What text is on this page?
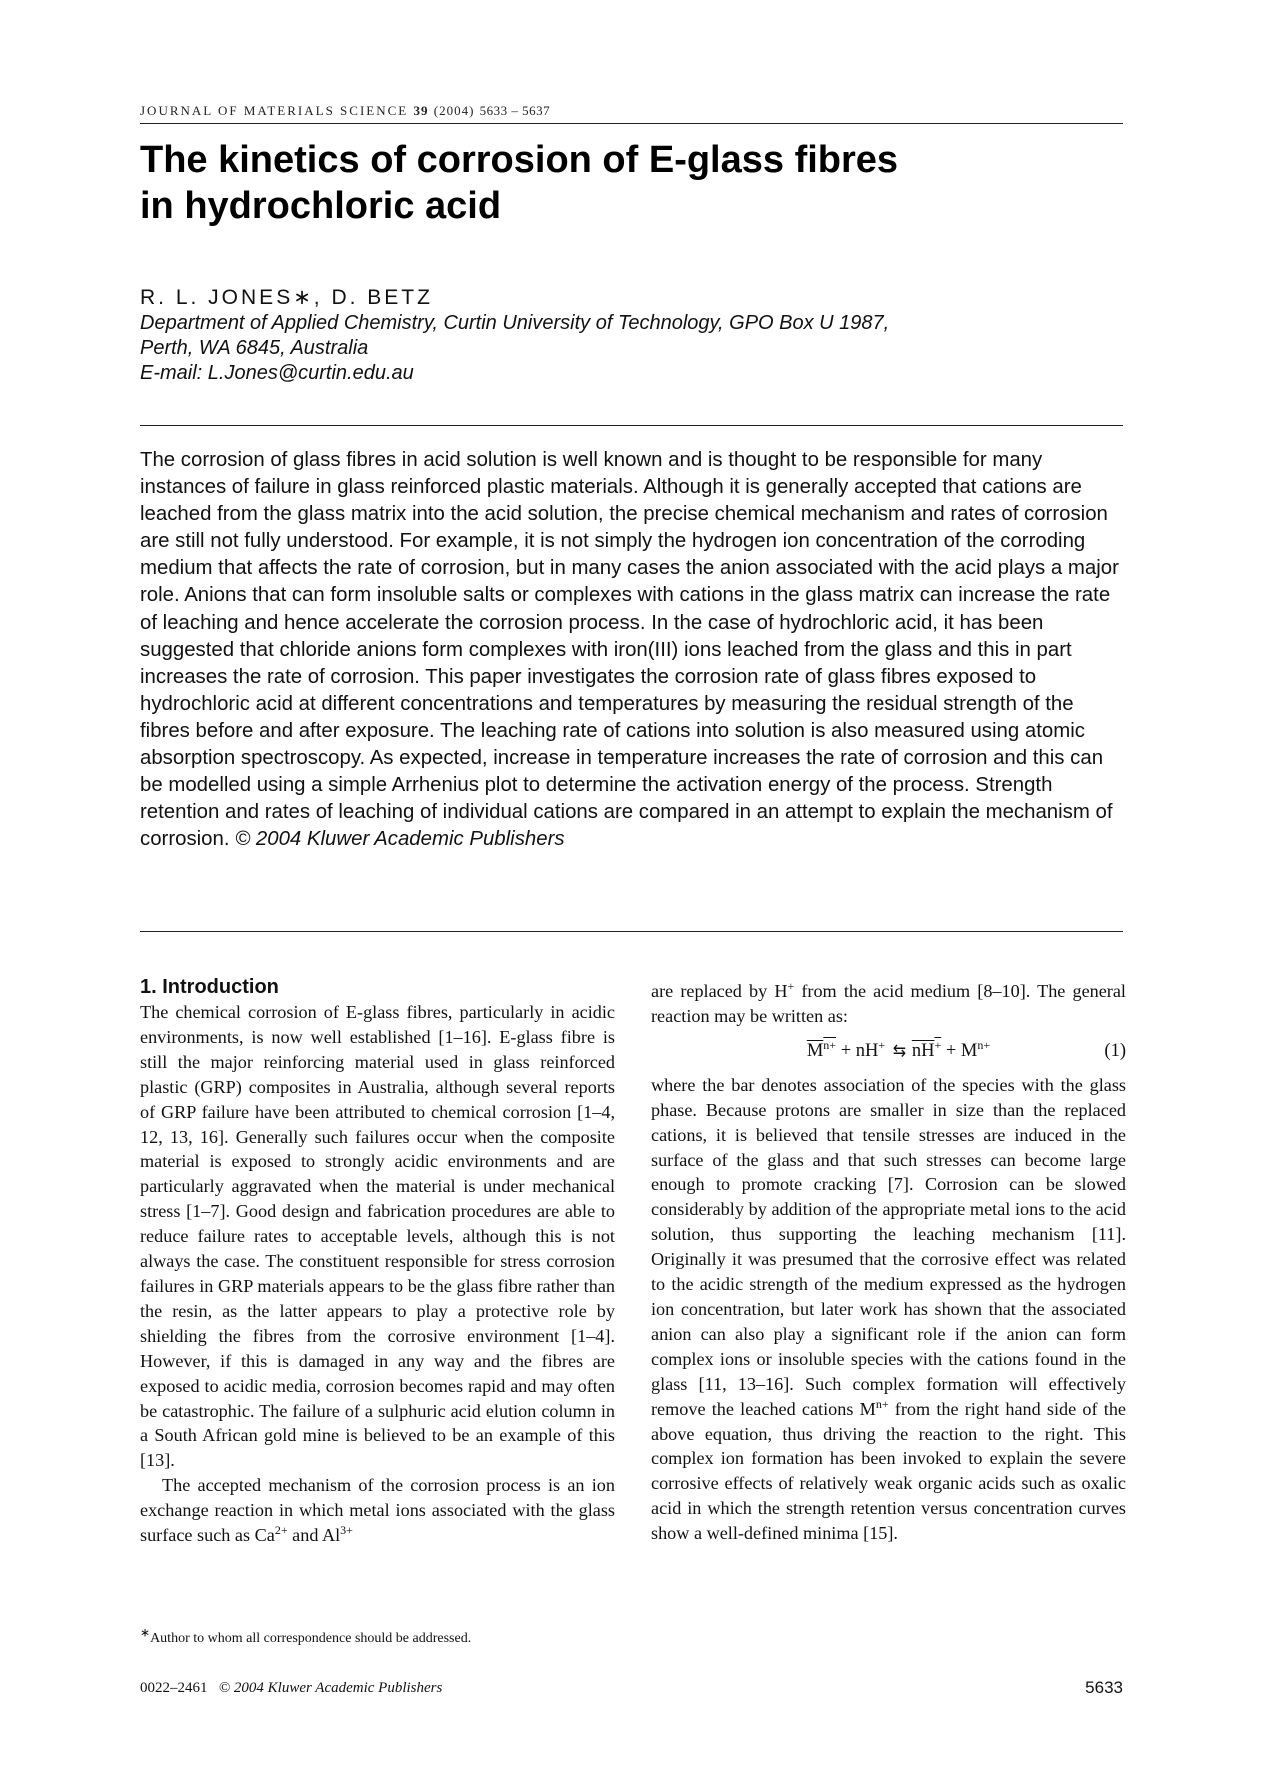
JOURNAL OF MATERIALS SCIENCE 39 (2004) 5633 – 5637
The kinetics of corrosion of E-glass fibres
in hydrochloric acid
R. L. JONES∗, D. BETZ
Department of Applied Chemistry, Curtin University of Technology, GPO Box U 1987,
Perth, WA 6845, Australia
E-mail: L.Jones@curtin.edu.au

The corrosion of glass fibres in acid solution is well known and is thought to be responsible for many instances of failure in glass reinforced plastic materials. Although it is generally accepted that cations are leached from the glass matrix into the acid solution, the precise chemical mechanism and rates of corrosion are still not fully understood. For example, it is not simply the hydrogen ion concentration of the corroding medium that affects the rate of corrosion, but in many cases the anion associated with the acid plays a major role. Anions that can form insoluble salts or complexes with cations in the glass matrix can increase the rate of leaching and hence accelerate the corrosion process. In the case of hydrochloric acid, it has been suggested that chloride anions form complexes with iron(III) ions leached from the glass and this in part increases the rate of corrosion. This paper investigates the corrosion rate of glass fibres exposed to hydrochloric acid at different concentrations and temperatures by measuring the residual strength of the fibres before and after exposure. The leaching rate of cations into solution is also measured using atomic absorption spectroscopy. As expected, increase in temperature increases the rate of corrosion and this can be modelled using a simple Arrhenius plot to determine the activation energy of the process. Strength retention and rates of leaching of individual cations are compared in an attempt to explain the mechanism of corrosion. © 2004 Kluwer Academic Publishers

1. Introduction

The chemical corrosion of E-glass fibres, particularly in acidic environments, is now well established [1–16]. E-glass fibre is still the major reinforcing material used in glass reinforced plastic (GRP) composites in Australia, although several reports of GRP failure have been attributed to chemical corrosion [1–4, 12, 13, 16]. Generally such failures occur when the composite material is exposed to strongly acidic environments and are particularly aggravated when the material is under mechanical stress [1–7]. Good design and fabrication procedures are able to reduce failure rates to acceptable levels, although this is not always the case. The constituent responsible for stress corrosion failures in GRP materials appears to be the glass fibre rather than the resin, as the latter appears to play a protective role by shielding the fibres from the corrosive environment [1–4]. However, if this is damaged in any way and the fibres are exposed to acidic media, corrosion becomes rapid and may often be catastrophic. The failure of a sulphuric acid elution column in a South African gold mine is believed to be an example of this [13].

The accepted mechanism of the corrosion process is an ion exchange reaction in which metal ions associated with the glass surface such as $Ca^{2+}$ and $Al^{3+}$

are replaced by H+ from the acid medium [8–10]. The general reaction may be written as:

$M^{n+} + nH^+$ ⇆ $nH^+ + M^{n+}$	(1)

where the bar denotes association of the species with the glass phase. Because protons are smaller in size than the replaced cations, it is believed that tensile stresses are induced in the surface of the glass and that such stresses can become large enough to promote cracking [7]. Corrosion can be slowed considerably by addition of the appropriate metal ions to the acid solution, thus supporting the leaching mechanism [11]. Originally it was presumed that the corrosive effect was related to the acidic strength of the medium expressed as the hydrogen ion concentration, but later work has shown that the associated anion can also play a significant role if the anion can form complex ions or insoluble species with the cations found in the glass [11, 13–16]. Such complex formation will effectively remove the leached cations $M^{n+}$ from the right hand side of the above equation, thus driving the reaction to the right. This complex ion formation has been invoked to explain the severe corrosive effects of relatively weak organic acids such as oxalic acid in which the strength retention versus concentration curves show a well-defined minima [15].

∗Author to whom all correspondence should be addressed.
0022–2461 © 2004 Kluwer Academic Publishers	5633
